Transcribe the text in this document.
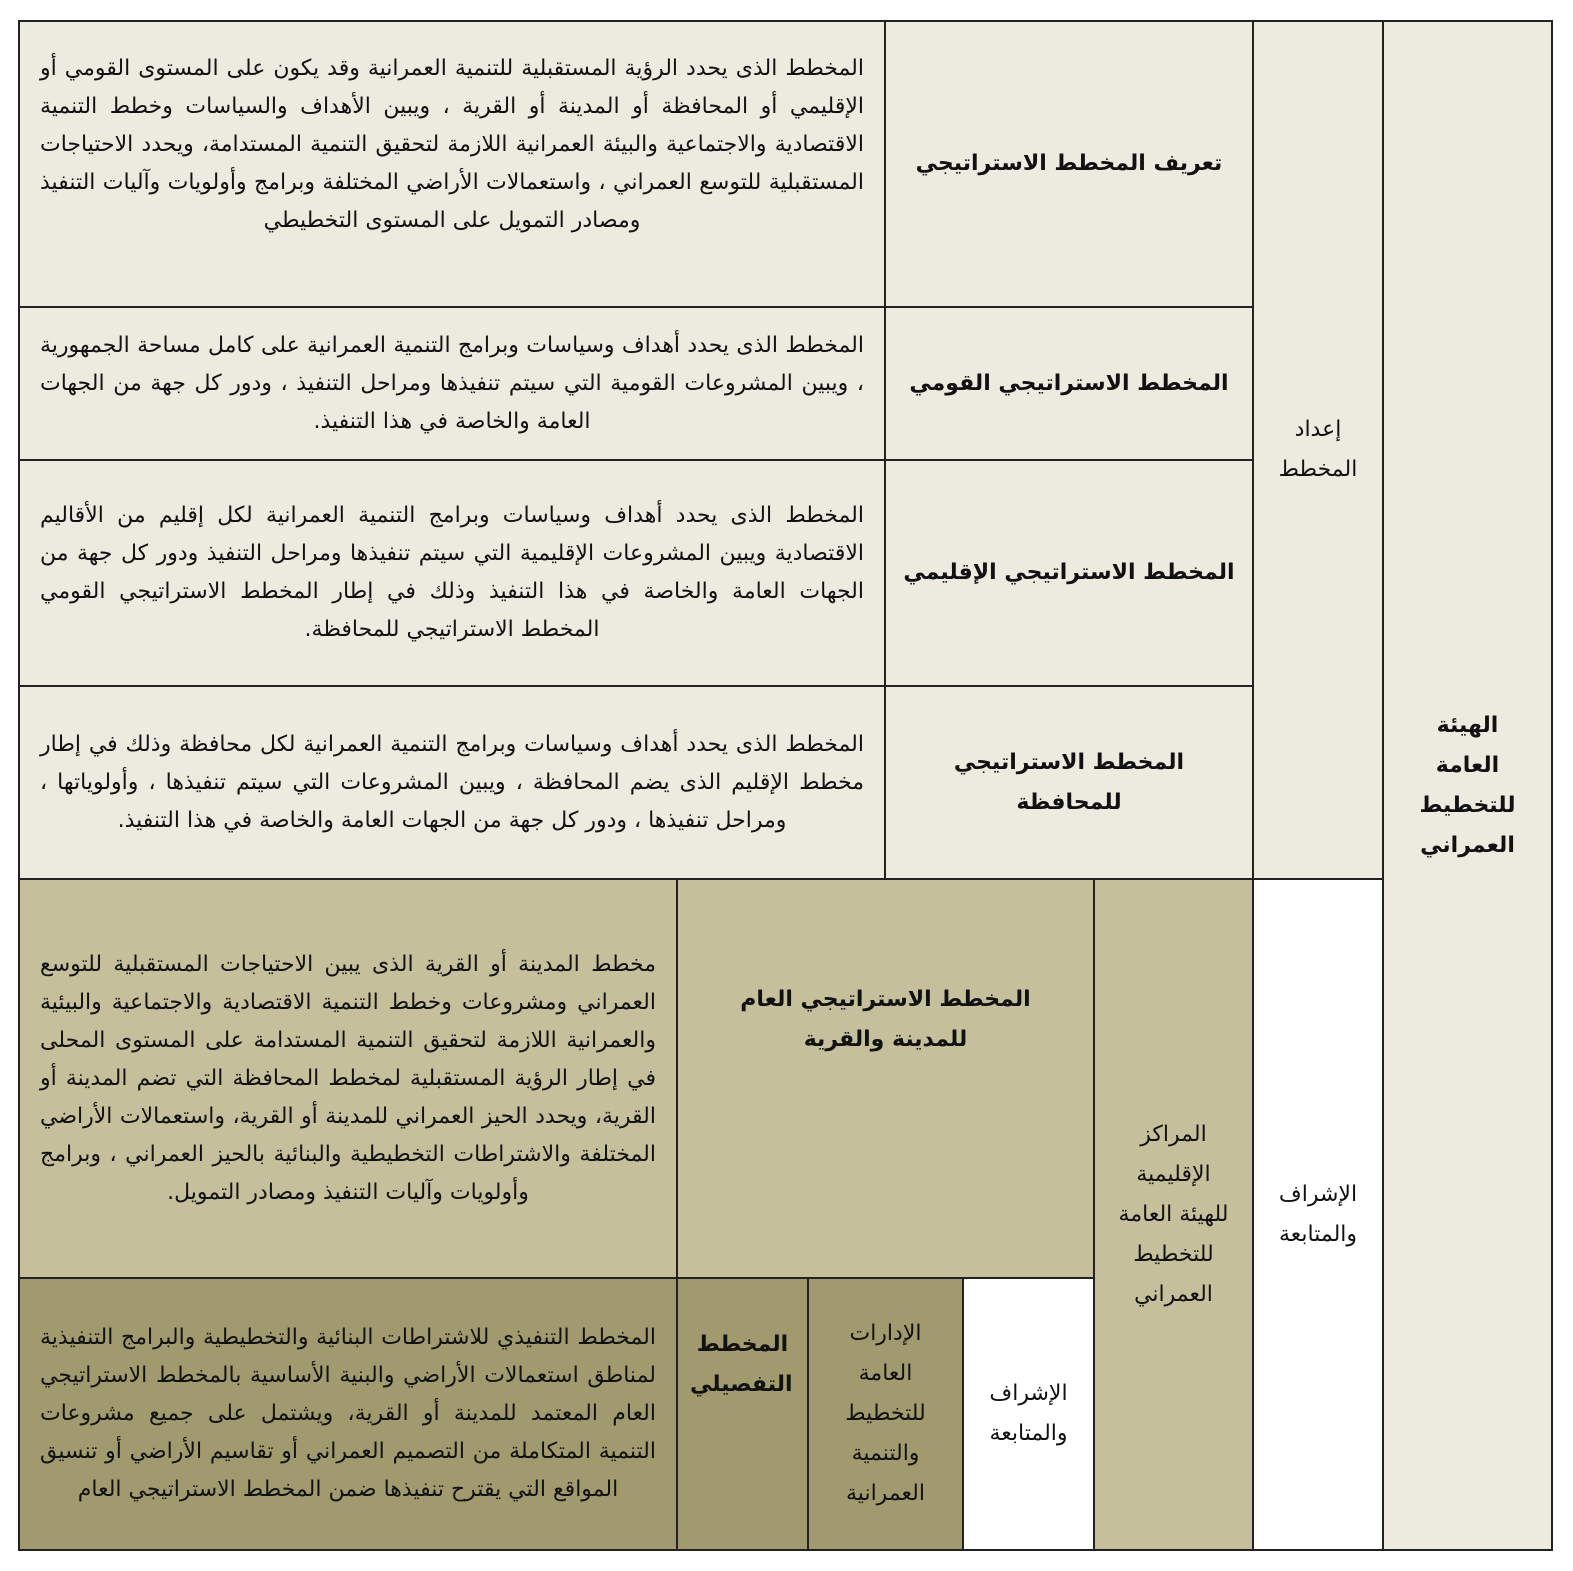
الهيئة العامة للتخطيط العمراني
إعداد المخطط
الإشراف والمتابعة
تعريف المخطط الاستراتيجي
المخطط الذى يحدد الرؤية المستقبلية للتنمية العمرانية وقد يكون على المستوى القومي أو الإقليمي أو المحافظة أو المدينة أو القرية ، ويبين الأهداف والسياسات وخطط التنمية الاقتصادية والاجتماعية والبيئة العمرانية اللازمة لتحقيق التنمية المستدامة، ويحدد الاحتياجات المستقبلية للتوسع العمراني ، واستعمالات الأراضي المختلفة وبرامج وأولويات وآليات التنفيذ ومصادر التمويل على المستوى التخطيطي
المخطط الاستراتيجي القومي
المخطط الذى يحدد أهداف وسياسات وبرامج التنمية العمرانية على كامل مساحة الجمهورية ، ويبين المشروعات القومية التي سيتم تنفيذها ومراحل التنفيذ ، ودور كل جهة من الجهات العامة والخاصة في هذا التنفيذ.
المخطط الاستراتيجي الإقليمي
المخطط الذى يحدد أهداف وسياسات وبرامج التنمية العمرانية لكل إقليم من الأقاليم الاقتصادية ويبين المشروعات الإقليمية التي سيتم تنفيذها ومراحل التنفيذ ودور كل جهة من الجهات العامة والخاصة في هذا التنفيذ وذلك في إطار المخطط الاستراتيجي القومي المخطط الاستراتيجي للمحافظة.
المخطط الاستراتيجي للمحافظة
المخطط الذى يحدد أهداف وسياسات وبرامج التنمية العمرانية لكل محافظة وذلك في إطار مخطط الإقليم الذى يضم المحافظة ، ويبين المشروعات التي سيتم تنفيذها ، وأولوياتها ، ومراحل تنفيذها ، ودور كل جهة من الجهات العامة والخاصة في هذا التنفيذ.
المراكز الإقليمية للهيئة العامة للتخطيط العمراني
المخطط الاستراتيجي العام للمدينة والقرية
مخطط المدينة أو القرية الذى يبين الاحتياجات المستقبلية للتوسع العمراني ومشروعات وخطط التنمية الاقتصادية والاجتماعية والبيئية والعمرانية اللازمة لتحقيق التنمية المستدامة على المستوى المحلى في إطار الرؤية المستقبلية لمخطط المحافظة التي تضم المدينة أو القرية، ويحدد الحيز العمراني للمدينة أو القرية، واستعمالات الأراضي المختلفة والاشتراطات التخطيطية والبنائية بالحيز العمراني ، وبرامج وأولويات وآليات التنفيذ ومصادر التمويل.
الإشراف والمتابعة
الإدارات العامة للتخطيط والتنمية العمرانية
المخطط التفصيلي
المخطط التنفيذي للاشتراطات البنائية والتخطيطية والبرامج التنفيذية لمناطق استعمالات الأراضي والبنية الأساسية بالمخطط الاستراتيجي العام المعتمد للمدينة أو القرية، ويشتمل على جميع مشروعات التنمية المتكاملة من التصميم العمراني أو تقاسيم الأراضي أو تنسيق المواقع التي يقترح تنفيذها ضمن المخطط الاستراتيجي العام
